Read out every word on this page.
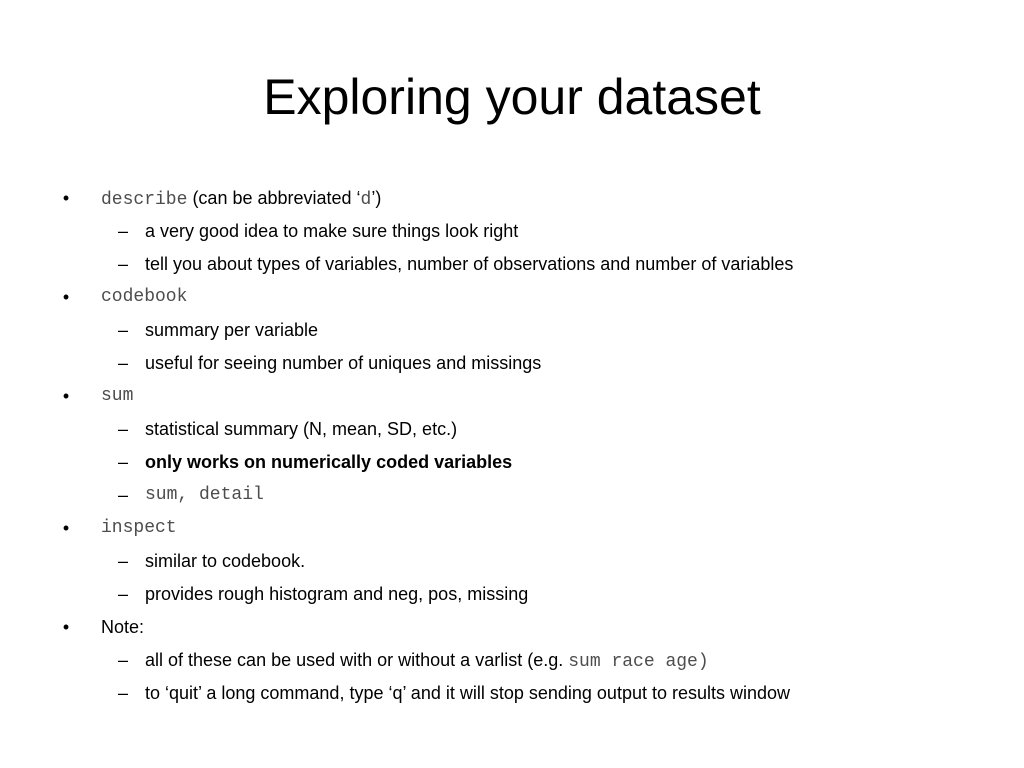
Exploring your dataset
• describe (can be abbreviated ‘d’)
– a very good idea to make sure things look right
– tell you about types of variables, number of observations and number of variables
• codebook
– summary per variable
– useful for seeing number of uniques and missings
• sum
– statistical summary (N, mean, SD, etc.)
– only works on numerically coded variables
– sum, detail
• inspect
– similar to codebook.
– provides rough histogram and neg, pos, missing
• Note:
– all of these can be used with or without a varlist (e.g. sum race age)
– to ‘quit’ a long command, type ‘q’ and it will stop sending output to results window
